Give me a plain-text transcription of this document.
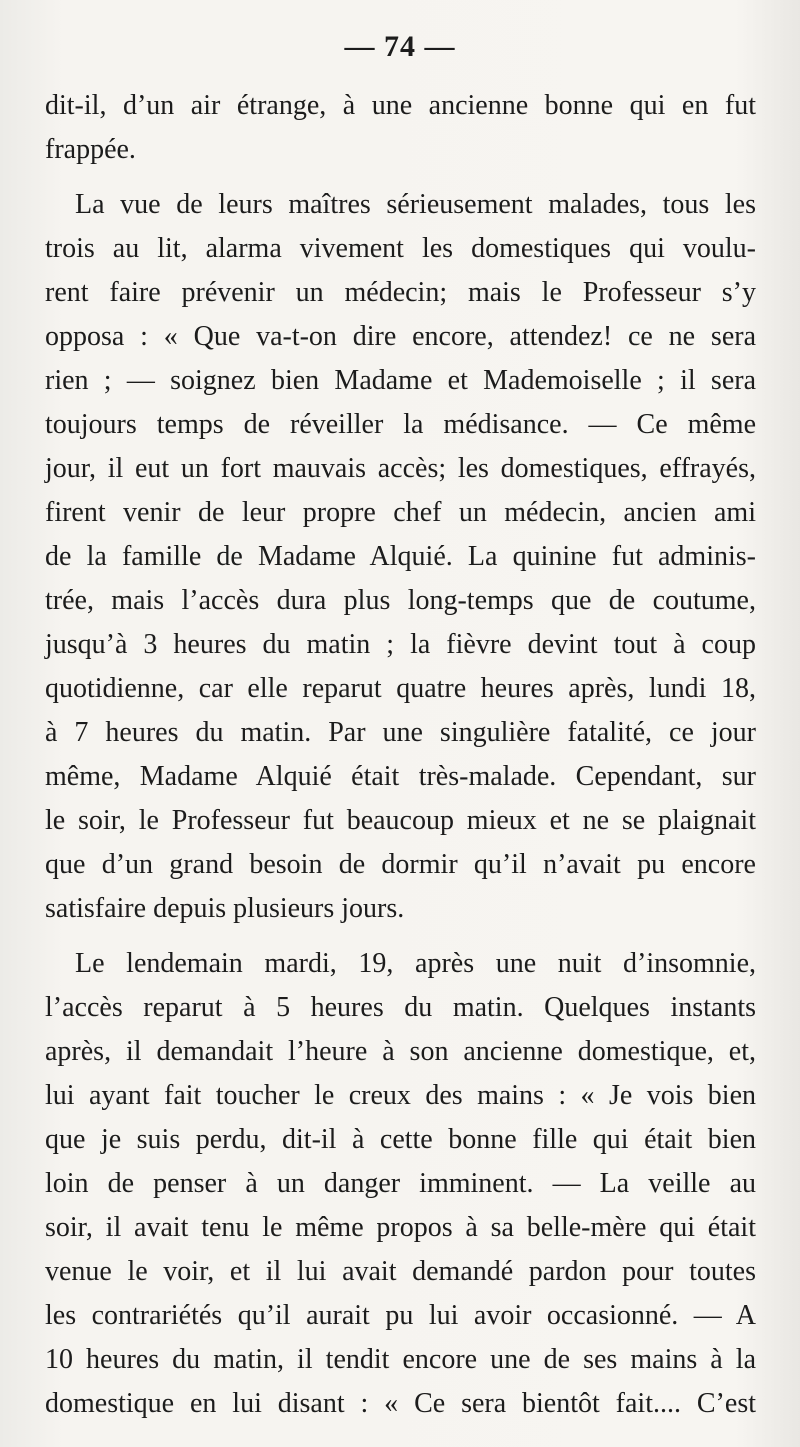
— 74 —
dit-il, d’un air étrange, à une ancienne bonne qui en fut
frappée.
La vue de leurs maîtres sérieusement malades, tous les
trois au lit, alarma vivement les domestiques qui voulu-
rent faire prévenir un médecin; mais le Professeur s’y
opposa : « Que va-t-on dire encore, attendez! ce ne sera
rien ; — soignez bien Madame et Mademoiselle ; il sera
toujours temps de réveiller la médisance. — Ce même
jour, il eut un fort mauvais accès; les domestiques, effrayés,
firent venir de leur propre chef un médecin, ancien ami
de la famille de Madame Alquié. La quinine fut adminis-
trée, mais l’accès dura plus long-temps que de coutume,
jusqu’à 3 heures du matin ; la fièvre devint tout à coup
quotidienne, car elle reparut quatre heures après, lundi 18,
à 7 heures du matin. Par une singulière fatalité, ce jour
même, Madame Alquié était très-malade. Cependant, sur
le soir, le Professeur fut beaucoup mieux et ne se plaignait
que d’un grand besoin de dormir qu’il n’avait pu encore
satisfaire depuis plusieurs jours.
Le lendemain mardi, 19, après une nuit d’insomnie,
l’accès reparut à 5 heures du matin. Quelques instants
après, il demandait l’heure à son ancienne domestique, et,
lui ayant fait toucher le creux des mains : « Je vois bien
que je suis perdu, dit-il à cette bonne fille qui était bien
loin de penser à un danger imminent. — La veille au
soir, il avait tenu le même propos à sa belle-mère qui était
venue le voir, et il lui avait demandé pardon pour toutes
les contrariétés qu’il aurait pu lui avoir occasionné. — A
10 heures du matin, il tendit encore une de ses mains à la
domestique en lui disant : « Ce sera bientôt fait.... C’est
